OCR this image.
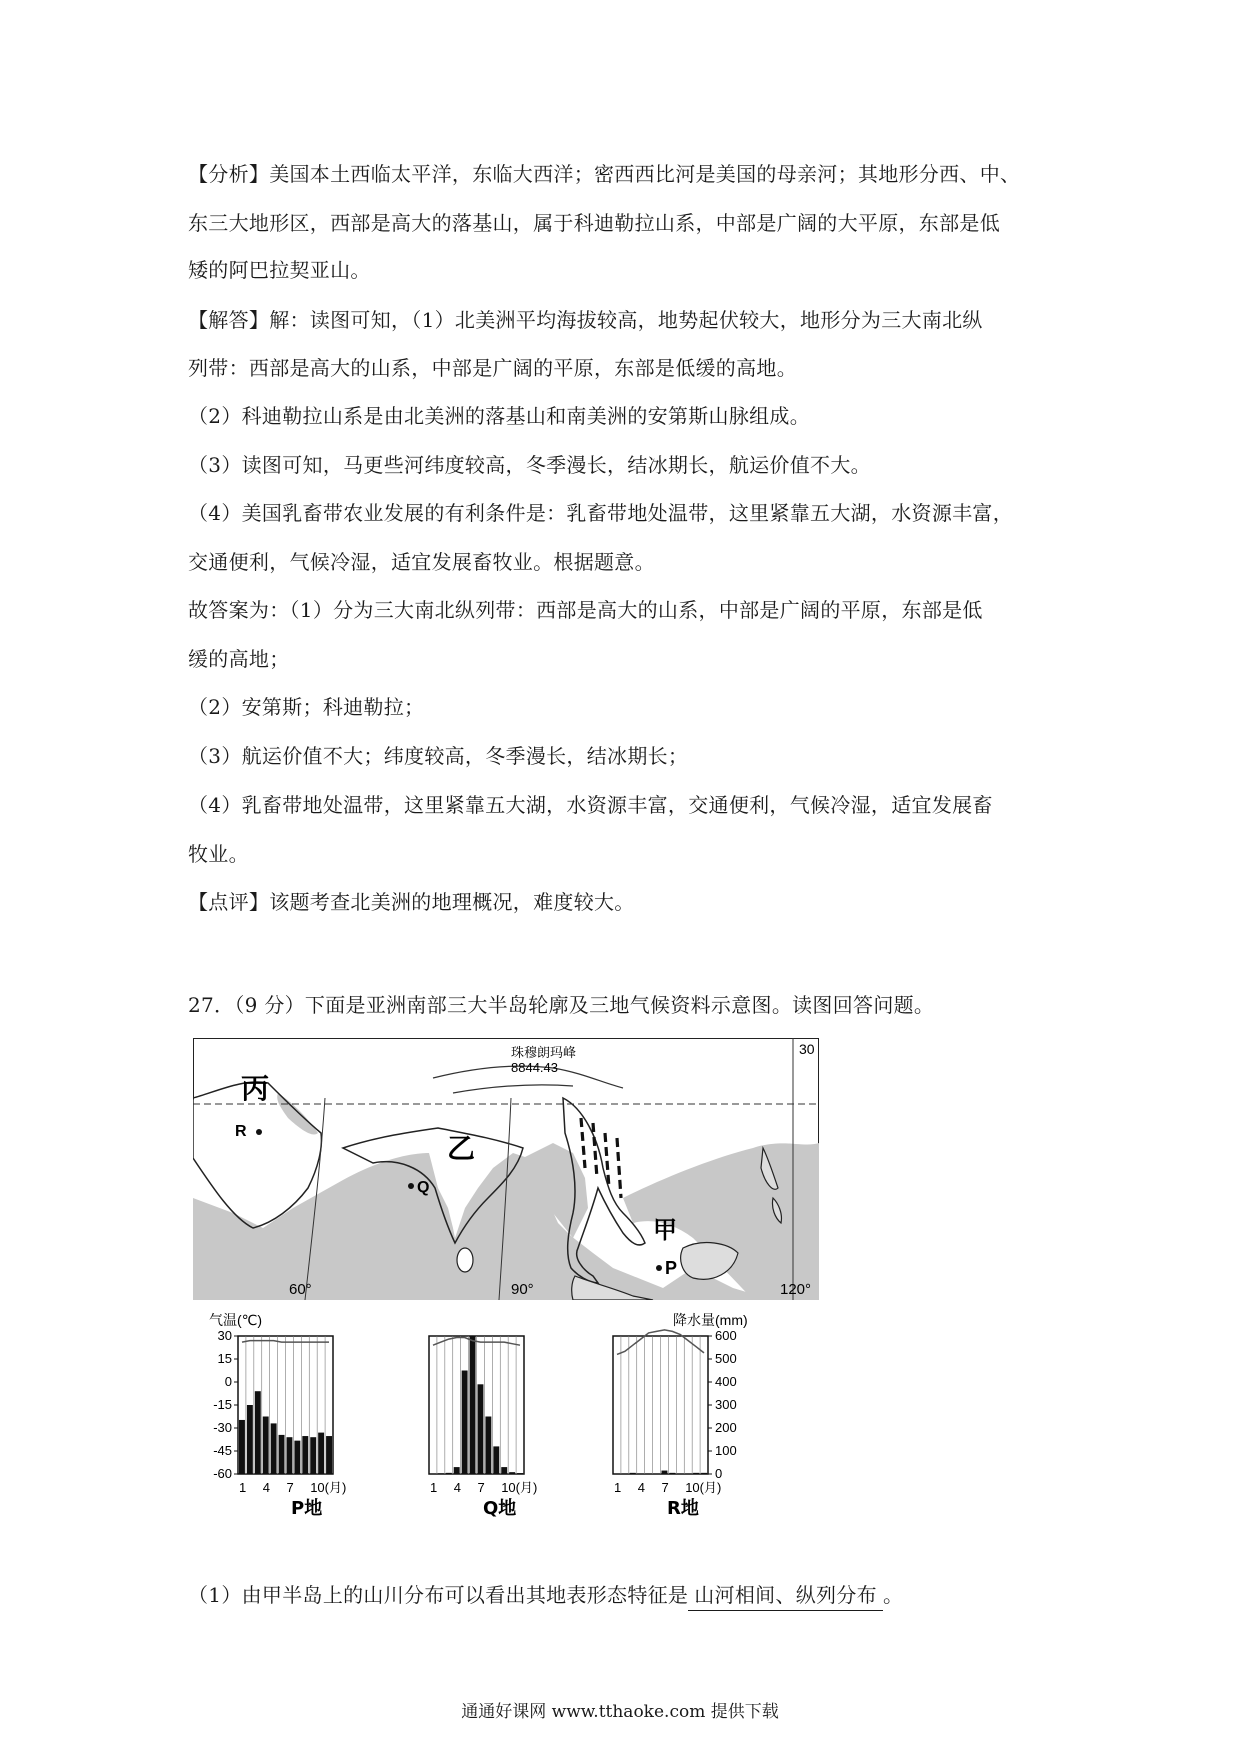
【分析】美国本土西临太平洋，东临大西洋；密西西比河是美国的母亲河；其地形分西、中、
东三大地形区，西部是高大的落基山，属于科迪勒拉山系，中部是广阔的大平原，东部是低
矮的阿巴拉契亚山。
【解答】解：读图可知，（1）北美洲平均海拔较高，地势起伏较大，地形分为三大南北纵
列带：西部是高大的山系，中部是广阔的平原，东部是低缓的高地。
（2）科迪勒拉山系是由北美洲的落基山和南美洲的安第斯山脉组成。
（3）读图可知，马更些河纬度较高，冬季漫长，结冰期长，航运价值不大。
（4）美国乳畜带农业发展的有利条件是：乳畜带地处温带，这里紧靠五大湖，水资源丰富，
交通便利，气候冷湿，适宜发展畜牧业。根据题意。
故答案为：（1）分为三大南北纵列带：西部是高大的山系，中部是广阔的平原，东部是低
缓的高地；
（2）安第斯；科迪勒拉；
（3）航运价值不大；纬度较高，冬季漫长，结冰期长；
（4）乳畜带地处温带，这里紧靠五大湖，水资源丰富，交通便利，气候冷湿，适宜发展畜
牧业。
【点评】该题考查北美洲的地理概况，难度较大。
27．（9 分）下面是亚洲南部三大半岛轮廓及三地气候资料示意图。读图回答问题。
丙
乙
甲
R
Q
P
珠穆朗玛峰
8844.43
60°	90°	120°
30
气温(℃)	降水量(mm)
1 4 7 10(月)
30
15
0
-15
-30
-45
-60
1 4 7 10(月)	1 4 7 10(月)
600
500
400
300
200
100
0
P地	Q地	R地
（1）由甲半岛上的山川分布可以看出其地表形态特征是 山河相间、纵列分布 。
通通好课网 www.tthaoke.com 提供下载
